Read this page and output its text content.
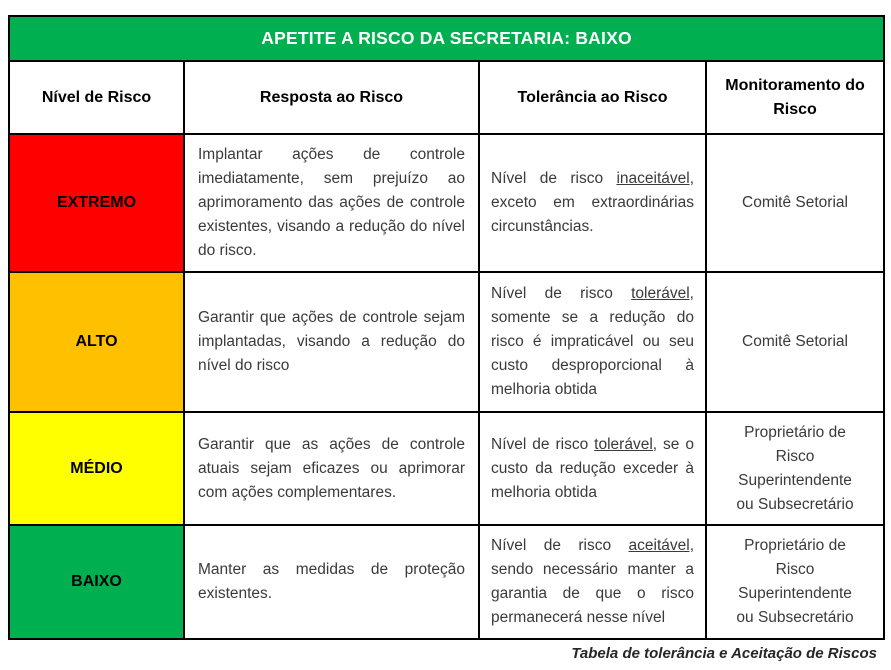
APETITE A RISCO DA SECRETARIA: BAIXO			
Nível de Risco	Resposta ao Risco	Tolerância ao Risco	Monitoramento do Risco
EXTREMO	Implantar ações de controle imediatamente, sem prejuízo ao aprimoramento das ações de controle existentes, visando a redução do nível do risco.	Nível de risco inaceitável, exceto em extraordinárias circunstâncias.	Comitê Setorial

ALTO	Garantir que ações de controle sejam implantadas, visando a redução do nível do risco	Nível de risco tolerável, somente se a redução do risco é impraticável ou seu custo desproporcional à melhoria obtida	Comitê Setorial

MÉDIO	Garantir que as ações de controle atuais sejam eficazes ou aprimorar com ações complementares.	Nível de risco tolerável, se o custo da redução exceder à melhoria obtida	Proprietário de
Risco
Superintendente
ou Subsecretário

BAIXO	Manter as medidas de proteção existentes.	Nível de risco aceitável, sendo necessário manter a garantia de que o risco permanecerá nesse nível	Proprietário de
Risco
Superintendente
ou Subsecretário
Tabela de tolerância e Aceitação de Riscos
